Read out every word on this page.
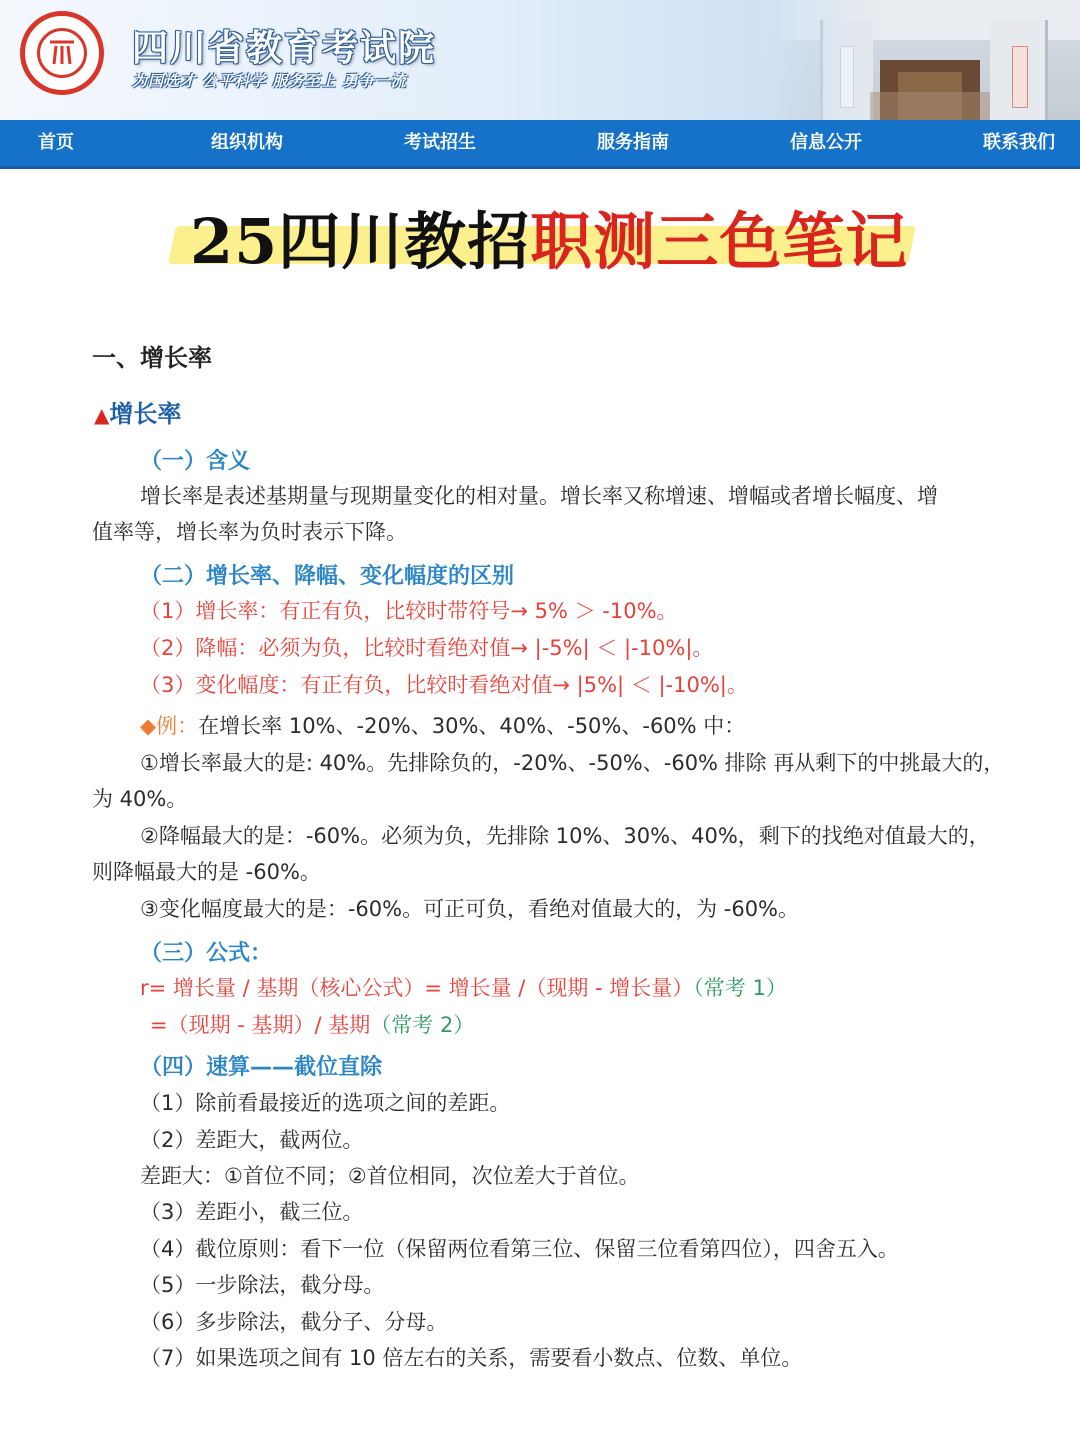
四川省教育考试院
为国选才 公平科学 服务至上 勇争一流
首页	组织机构	考试招生	服务指南	信息公开	联系我们
25四川教招职测三色笔记
一、增长率
▲增长率
（一）含义
增长率是表述基期量与现期量变化的相对量。增长率又称增速、增幅或者增长幅度、增
值率等，增长率为负时表示下降。
（二）增长率、降幅、变化幅度的区别
（1）增长率：有正有负，比较时带符号→ 5% ＞ -10%。
（2）降幅：必须为负，比较时看绝对值→ |-5%| ＜ |-10%|。
（3）变化幅度：有正有负，比较时看绝对值→ |5%| ＜ |-10%|。
◆例：在增长率 10%、-20%、30%、40%、-50%、-60% 中：
①增长率最大的是: 40%。先排除负的，-20%、-50%、-60% 排除 再从剩下的中挑最大的，
为 40%。
②降幅最大的是：-60%。必须为负，先排除 10%、30%、40%，剩下的找绝对值最大的，
则降幅最大的是 -60%。
③变化幅度最大的是：-60%。可正可负，看绝对值最大的，为 -60%。
（三）公式：
r= 增长量 / 基期（核心公式）= 增长量 /（现期 - 增长量）（常考 1）
=（现期 - 基期）/ 基期（常考 2）
（四）速算——截位直除
（1）除前看最接近的选项之间的差距。
（2）差距大，截两位。
差距大：①首位不同；②首位相同，次位差大于首位。
（3）差距小，截三位。
（4）截位原则：看下一位（保留两位看第三位、保留三位看第四位），四舍五入。
（5）一步除法，截分母。
（6）多步除法，截分子、分母。
（7）如果选项之间有 10 倍左右的关系，需要看小数点、位数、单位。
